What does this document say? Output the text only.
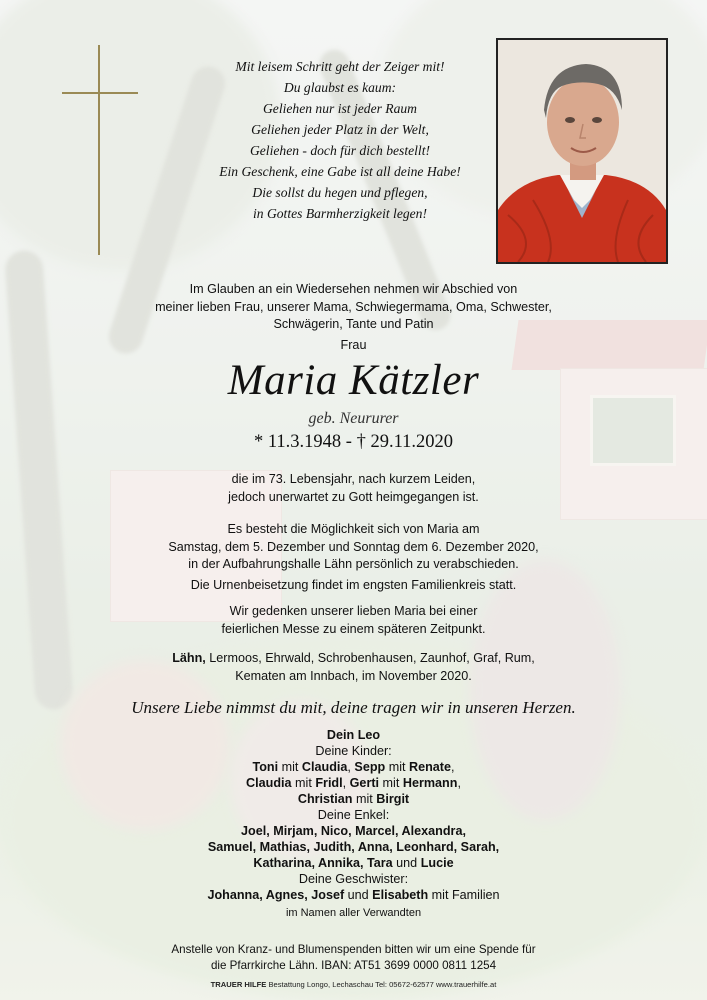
Mit leisem Schritt geht der Zeiger mit!
Du glaubst es kaum:
Geliehen nur ist jeder Raum
Geliehen jeder Platz in der Welt,
Geliehen - doch für dich bestellt!
Ein Geschenk, eine Gabe ist all deine Habe!
Die sollst du hegen und pflegen,
in Gottes Barmherzigkeit legen!
Im Glauben an ein Wiedersehen nehmen wir Abschied von
meiner lieben Frau, unserer Mama, Schwiegermama, Oma, Schwester,
Schwägerin, Tante und Patin
Frau
Maria Kätzler
geb. Neururer
* 11.3.1948 - † 29.11.2020
die im 73. Lebensjahr, nach kurzem Leiden,
jedoch unerwartet zu Gott heimgegangen ist.
Es besteht die Möglichkeit sich von Maria am
Samstag, dem 5. Dezember und Sonntag dem 6. Dezember 2020,
in der Aufbahrungshalle Lähn persönlich zu verabschieden.
Die Urnenbeisetzung findet im engsten Familienkreis statt.
Wir gedenken unserer lieben Maria bei einer
feierlichen Messe zu einem späteren Zeitpunkt.
Lähn, Lermoos, Ehrwald, Schrobenhausen, Zaunhof, Graf, Rum,
Kematen am Innbach, im November 2020.
Unsere Liebe nimmst du mit, deine tragen wir in unseren Herzen.
Dein Leo
Deine Kinder:
Toni mit Claudia, Sepp mit Renate,
Claudia mit Fridl, Gerti mit Hermann,
Christian mit Birgit
Deine Enkel:
Joel, Mirjam, Nico, Marcel, Alexandra,
Samuel, Mathias, Judith, Anna, Leonhard, Sarah,
Katharina, Annika, Tara und Lucie
Deine Geschwister:
Johanna, Agnes, Josef und Elisabeth mit Familien
im Namen aller Verwandten
Anstelle von Kranz- und Blumenspenden bitten wir um eine Spende für
die Pfarrkirche Lähn. IBAN: AT51 3699 0000 0811 1254
TRAUER HILFE Bestattung Longo, Lechaschau Tel: 05672-62577 www.trauerhilfe.at
